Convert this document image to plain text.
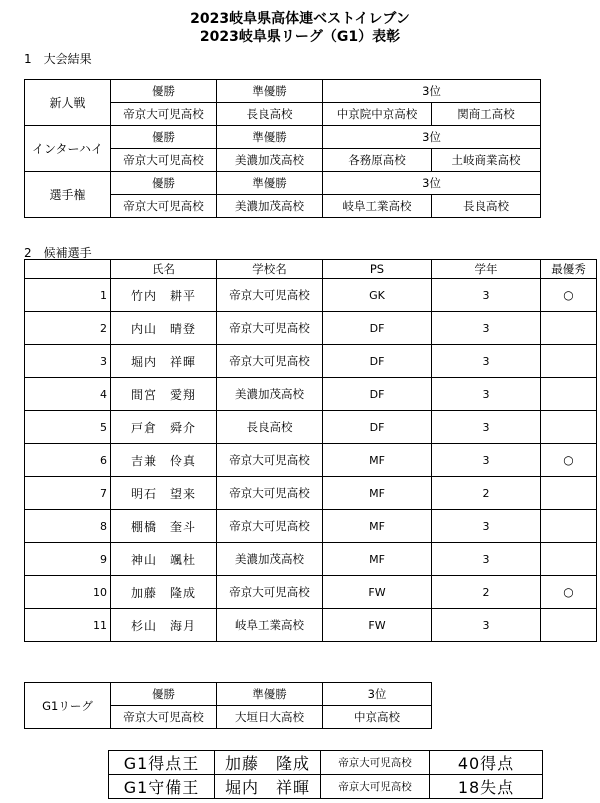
2023岐阜県高体連ベストイレブン
2023岐阜県リーグ（G1）表彰
1　大会結果
新人戦	優勝	準優勝	3位	
	帝京大可児高校	長良高校	中京院中京高校	関商工高校
インターハイ	優勝	準優勝	3位	
	帝京大可児高校	美濃加茂高校	各務原高校	土岐商業高校
選手権	優勝	準優勝	3位	
	帝京大可児高校	美濃加茂高校	岐阜工業高校	長良高校
2　候補選手
	氏名	学校名	PS	学年	最優秀
1	竹内　耕平	帝京大可児高校	GK	3	○
2	内山　晴登	帝京大可児高校	DF	3	
3	堀内　祥暉	帝京大可児高校	DF	3	
4	間宮　愛翔	美濃加茂高校	DF	3	
5	戸倉　舜介	長良高校	DF	3	
6	吉兼　伶真	帝京大可児高校	MF	3	○
7	明石　望来	帝京大可児高校	MF	2	
8	棚橋　奎斗	帝京大可児高校	MF	3	
9	神山　颯杜	美濃加茂高校	MF	3	
10	加藤　隆成	帝京大可児高校	FW	2	○
11	杉山　海月	岐阜工業高校	FW	3	
G1リーグ	優勝	準優勝	3位
	帝京大可児高校	大垣日大高校	中京高校
G1得点王	加藤　隆成	帝京大可児高校	40得点
G1守備王	堀内　祥暉	帝京大可児高校	18失点
